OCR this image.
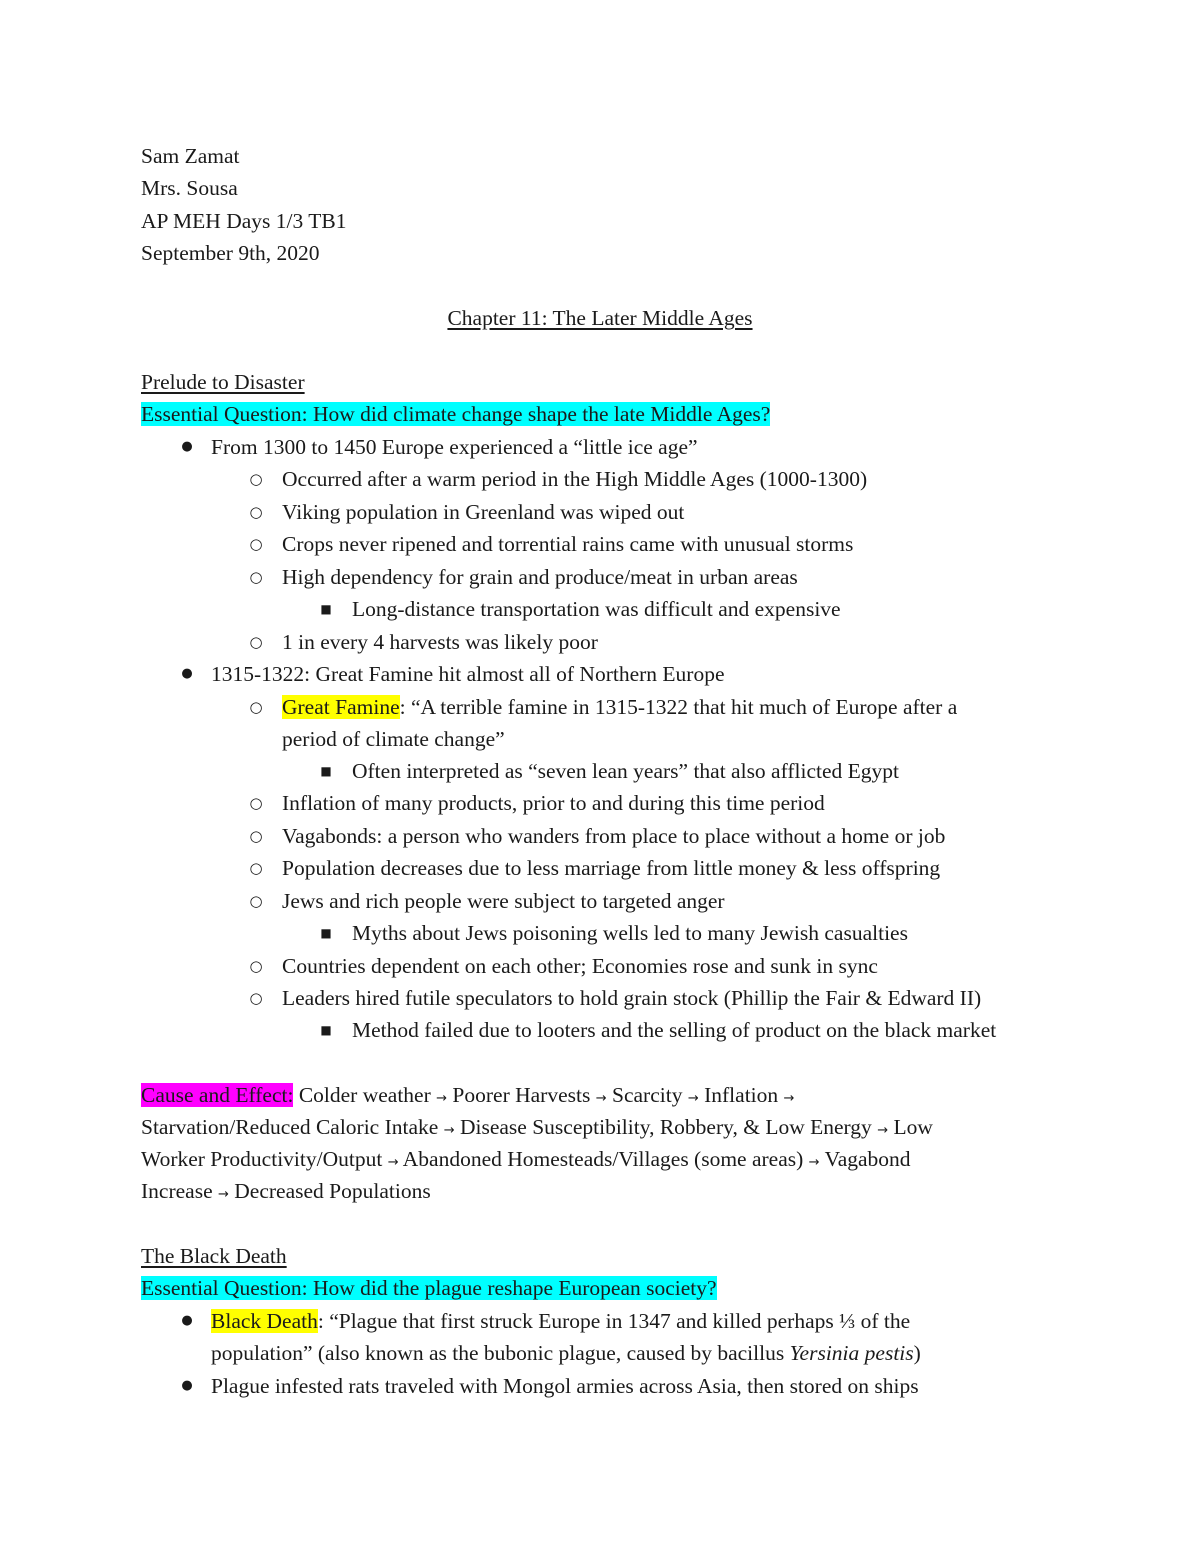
Sam Zamat
Mrs. Sousa
AP MEH Days 1/3 TB1
September 9th, 2020
Chapter 11: The Later Middle Ages
Prelude to Disaster
Essential Question: How did climate change shape the late Middle Ages?
● From 1300 to 1450 Europe experienced a “little ice age”
○ Occurred after a warm period in the High Middle Ages (1000-1300)
○ Viking population in Greenland was wiped out
○ Crops never ripened and torrential rains came with unusual storms
○ High dependency for grain and produce/meat in urban areas
■ Long-distance transportation was difficult and expensive
○ 1 in every 4 harvests was likely poor
● 1315-1322: Great Famine hit almost all of Northern Europe
○ Great Famine: “A terrible famine in 1315-1322 that hit much of Europe after a
period of climate change”
■ Often interpreted as “seven lean years” that also afflicted Egypt
○ Inflation of many products, prior to and during this time period
○ Vagabonds: a person who wanders from place to place without a home or job
○ Population decreases due to less marriage from little money & less offspring
○ Jews and rich people were subject to targeted anger
■ Myths about Jews poisoning wells led to many Jewish casualties
○ Countries dependent on each other; Economies rose and sunk in sync
○ Leaders hired futile speculators to hold grain stock (Phillip the Fair & Edward II)
■ Method failed due to looters and the selling of product on the black market
Cause and Effect: Colder weather → Poorer Harvests → Scarcity → Inflation →
Starvation/Reduced Caloric Intake → Disease Susceptibility, Robbery, & Low Energy → Low
Worker Productivity/Output → Abandoned Homesteads/Villages (some areas) → Vagabond
Increase → Decreased Populations
The Black Death
Essential Question: How did the plague reshape European society?
● Black Death: “Plague that first struck Europe in 1347 and killed perhaps ⅓ of the
population” (also known as the bubonic plague, caused by bacillus Yersinia pestis)
● Plague infested rats traveled with Mongol armies across Asia, then stored on ships
